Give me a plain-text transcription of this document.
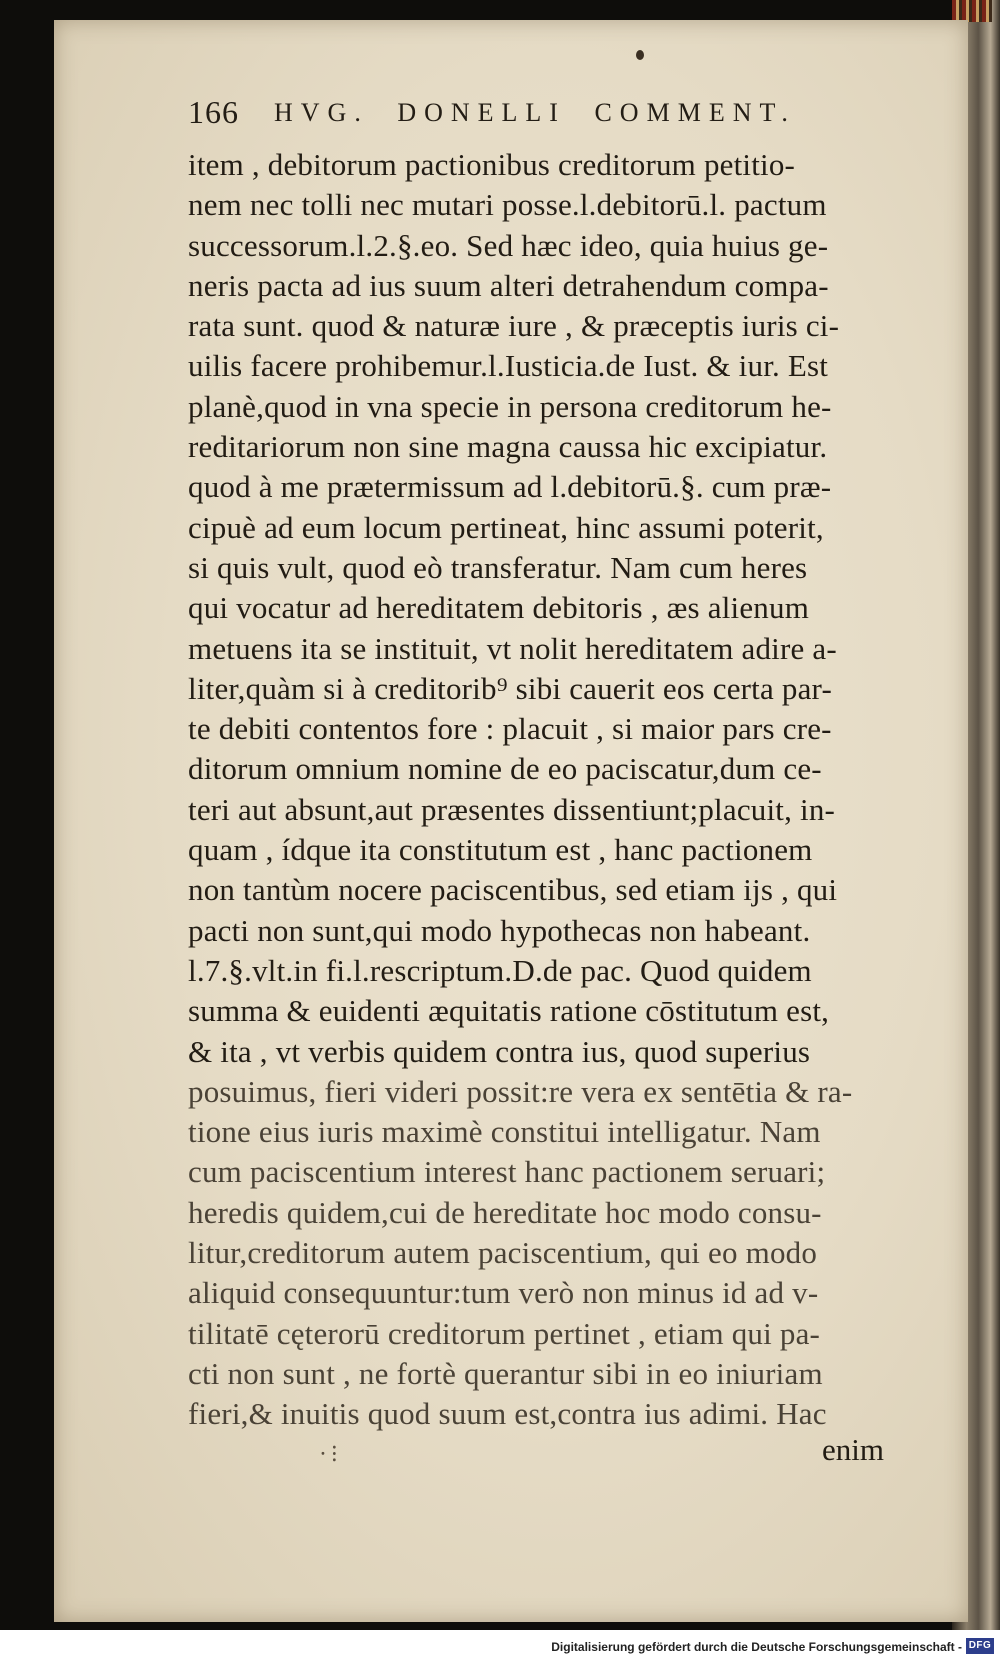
166 HVG. DONELLI COMMENT.
item , debitorum pactionibus creditorum petitio-
nem nec tolli nec mutari posse.l.debitorū.l. pactum
successorum.l.2.§.eo. Sed hæc ideo, quia huius ge-
neris pacta ad ius suum alteri detrahendum compa-
rata sunt. quod & naturæ iure , & præceptis iuris ci-
uilis facere prohibemur.l.Iusticia.de Iust. & iur. Est
planè,quod in vna specie in persona creditorum he-
reditariorum non sine magna caussa hic excipiatur.
quod à me prætermissum ad l.debitorū.§. cum præ-
cipuè ad eum locum pertineat, hinc assumi poterit,
si quis vult, quod eò transferatur. Nam cum heres
qui vocatur ad hereditatem debitoris , æs alienum
metuens ita se instituit, vt nolit hereditatem adire a-
liter,quàm si à creditorib⁹ sibi cauerit eos certa par-
te debiti contentos fore : placuit , si maior pars cre-
ditorum omnium nomine de eo paciscatur,dum ce-
teri aut absunt,aut præsentes dissentiunt;placuit, in-
quam , ídque ita constitutum est , hanc pactionem
non tantùm nocere paciscentibus, sed etiam ijs , qui
pacti non sunt,qui modo hypothecas non habeant.
l.7.§.vlt.in fi.l.rescriptum.D.de pac. Quod quidem
summa & euidenti æquitatis ratione cōstitutum est,
& ita , vt verbis quidem contra ius, quod superius
posuimus, fieri videri possit:re vera ex sentētia & ra-
tione eius iuris maximè constitui intelligatur. Nam
cum paciscentium interest hanc pactionem seruari;
heredis quidem,cui de hereditate hoc modo consu-
litur,creditorum autem paciscentium, qui eo modo
aliquid consequuntur:tum verò non minus id ad v-
tilitatē cęterorū creditorum pertinet , etiam qui pa-
cti non sunt , ne fortè querantur sibi in eo iniuriam
fieri,& inuitis quod suum est,contra ius adimi. Hac
⸱ ⁝	enim
Digitalisierung gefördert durch die Deutsche Forschungsgemeinschaft - DFG
